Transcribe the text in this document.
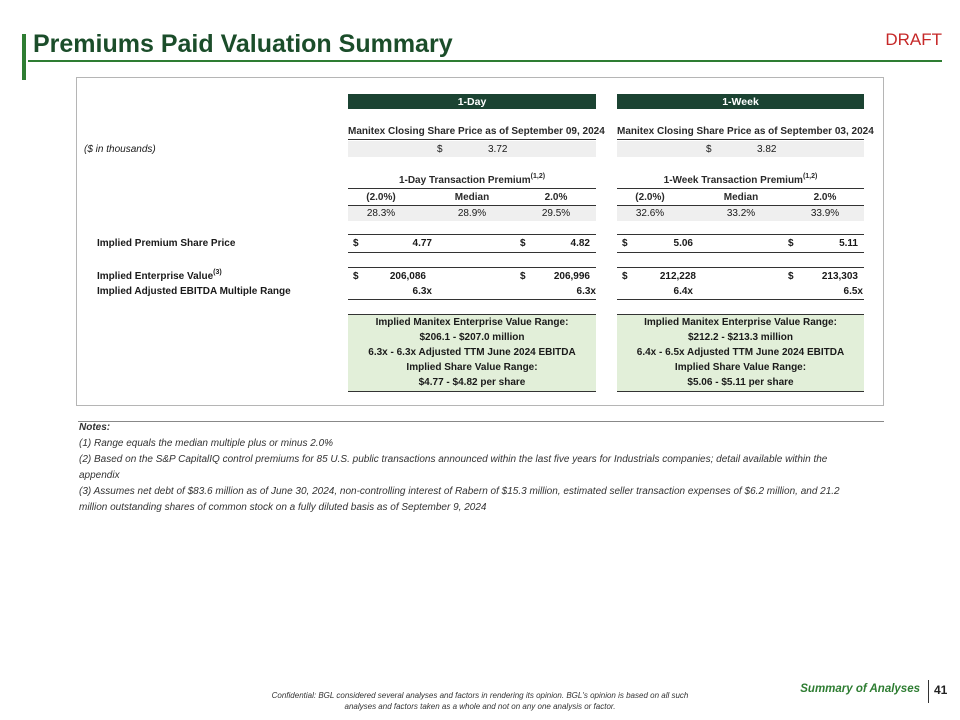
Premiums Paid Valuation Summary	DRAFT
1-Day	1-Week
Manitex Closing Share Price as of September 09, 2024 Manitex Closing Share Price as of September 03, 2024
($ in thousands)	$	3.72	$	3.82
1-Day Transaction Premium$^{(1,2)}$	1-Week Transaction Premium$^{(1,2)}$
(2.0%)	Median	2.0%	(2.0%)	Median	2.0%
28.3%	28.9%	29.5%	32.6%	33.2%	33.9%
Implied Premium Share Price	$	4.77	$	4.82	$	5.06	$	5.11
Implied Enterprise Value$^{(3)}$	$	206,086	$	206,996	$	212,228	$	213,303
Implied Adjusted EBITDA Multiple Range	6.3x	6.3x	6.4x	6.5x
Implied Manitex Enterprise Value Range:
$206.1 - $207.0 million
6.3x - 6.3x Adjusted TTM June 2024 EBITDA
Implied Share Value Range:
$4.77 - $4.82 per share
Implied Manitex Enterprise Value Range:
$212.2 - $213.3 million
6.4x - 6.5x Adjusted TTM June 2024 EBITDA
Implied Share Value Range:
$5.06 - $5.11 per share
Notes:
(1) Range equals the median multiple plus or minus 2.0%
(2) Based on the S&P CapitalIQ control premiums for 85 U.S. public transactions announced within the last five years for Industrials companies; detail available within the appendix
(3) Assumes net debt of $83.6 million as of June 30, 2024, non-controlling interest of Rabern of $15.3 million, estimated seller transaction expenses of $6.2 million, and 21.2 million outstanding shares of common stock on a fully diluted basis as of September 9, 2024
Confidential: BGL considered several analyses and factors in rendering its opinion. BGL's opinion is based on all such analyses and factors taken as a whole and not on any one analysis or factor.
Summary of Analyses 41
